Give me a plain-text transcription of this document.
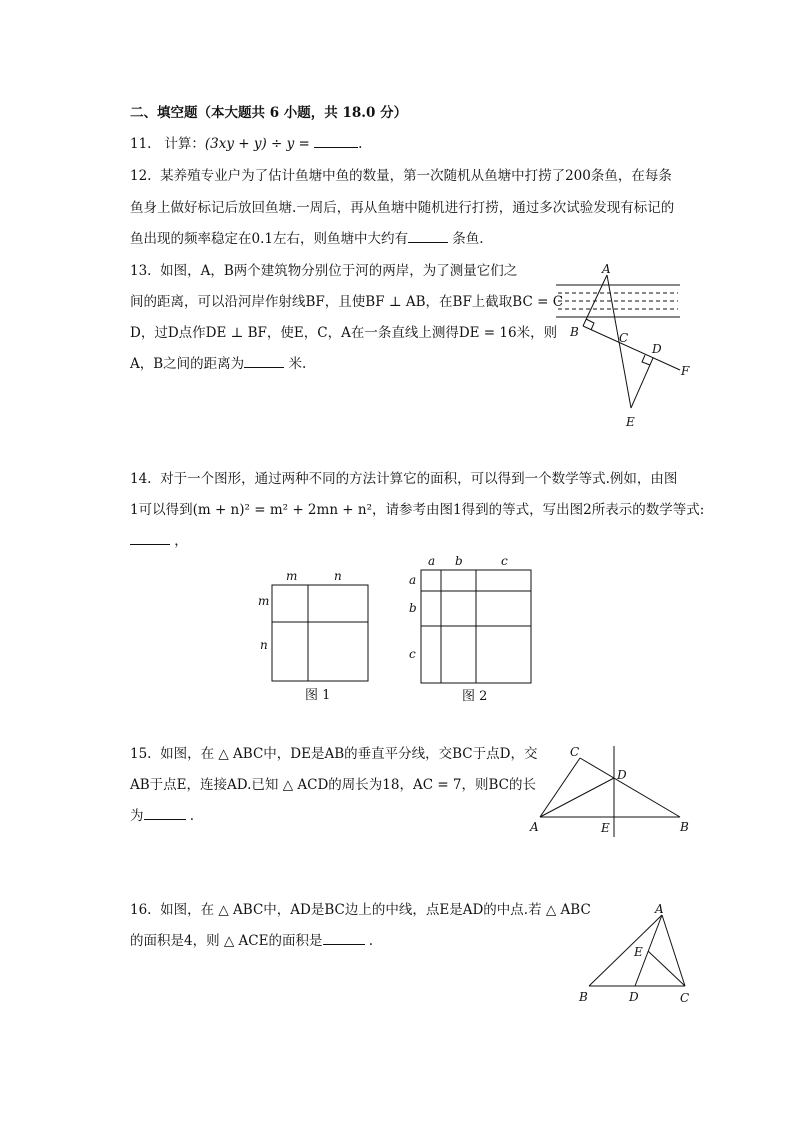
二、填空题（本大题共 6 小题，共 18.0 分）
11. 计算：(3xy + y) ÷ y =	.
12. 某养殖专业户为了估计鱼塘中鱼的数量，第一次随机从鱼塘中打捞了200条鱼，在每条
鱼身上做好标记后放回鱼塘.一周后，再从鱼塘中随机进行打捞，通过多次试验发现有标记的
鱼出现的频率稳定在0.1左右，则鱼塘中大约有	条鱼.
13. 如图，A，B两个建筑物分别位于河的两岸，为了测量它们之
间的距离，可以沿河岸作射线BF，且使BF ⊥ AB，在BF上截取BC = C
D，过D点作DE ⊥ BF，使E，C，A在一条直线上测得DE = 16米，则
A，B之间的距离为	米.
A
B	C
D
F
E
14. 对于一个图形，通过两种不同的方法计算它的面积，可以得到一个数学等式.例如，由图
1可以得到(m + n)² = m² + 2mn + n²，请参考由图1得到的等式，写出图2所表示的数学等式:
，
m	n
m
n
图 1
a b	c
a
b
c
图 2
15. 如图，在 △ ABC中，DE是AB的垂直平分线，交BC于点D，交
AB于点E，连接AD.已知 △ ACD的周长为18，AC = 7，则BC的长
为	.
C
D
A	E	B
16. 如图，在 △ ABC中，AD是BC边上的中线，点E是AD的中点.若 △ ABC
的面积是4，则 △ ACE的面积是	.
A
E
B	D	C
